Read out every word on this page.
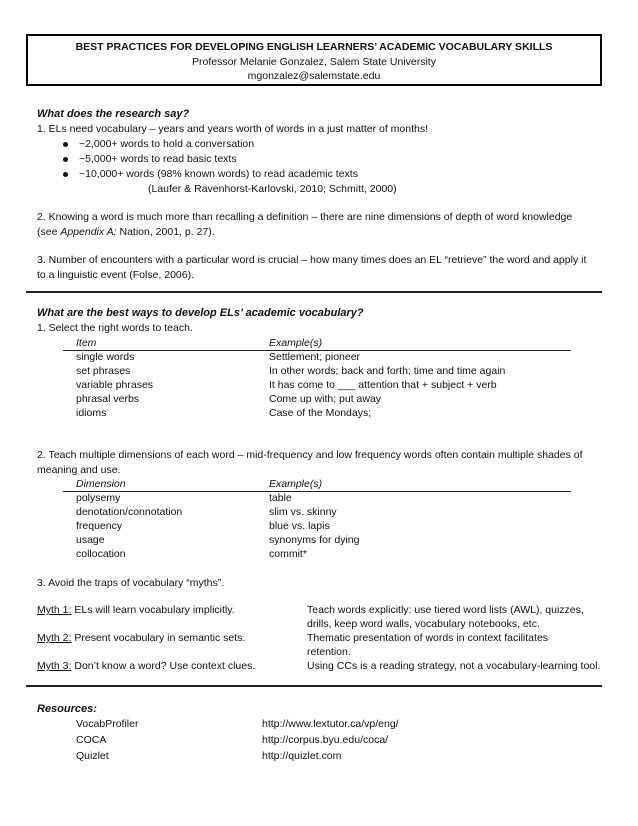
BEST PRACTICES FOR DEVELOPING ENGLISH LEARNERS’ ACADEMIC VOCABULARY SKILLS
Professor Melanie Gonzalez, Salem State University
mgonzalez@salemstate.edu
What does the research say?
1. ELs need vocabulary – years and years worth of words in a just matter of months!
~2,000+ words to hold a conversation
~5,000+ words to read basic texts
~10,000+ words (98% known words) to read academic texts
(Laufer & Ravenhorst-Karlovski, 2010; Schmitt, 2000)
2. Knowing a word is much more than recalling a definition – there are nine dimensions of depth of word knowledge
(see Appendix A: Nation, 2001, p. 27).
3. Number of encounters with a particular word is crucial – how many times does an EL “retrieve” the word and apply it
to a linguistic event (Folse, 2006).
What are the best ways to develop ELs’ academic vocabulary?
1. Select the right words to teach.
Item	Example(s)
single words	Settlement; pioneer
set phrases	In other words; back and forth; time and time again
variable phrases	It has come to ___ attention that + subject + verb
phrasal verbs	Come up with; put away
idioms	Case of the Mondays;
2. Teach multiple dimensions of each word – mid-frequency and low frequency words often contain multiple shades of
meaning and use.
Dimension	Example(s)
polysemy	table
denotation/connotation	slim vs. skinny
frequency	blue vs. lapis
usage	synonyms for dying
collocation	commit*
3. Avoid the traps of vocabulary “myths”.
Myth 1: ELs will learn vocabulary implicitly.	Teach words explicitly: use tiered word lists (AWL), quizzes,
drills, keep word walls, vocabulary notebooks, etc.
Myth 2: Present vocabulary in semantic sets.	Thematic presentation of words in context facilitates
retention.
Myth 3: Don’t know a word? Use context clues.	Using CCs is a reading strategy, not a vocabulary-learning tool.
Resources:
VocabProfiler	http://www.lextutor.ca/vp/eng/
COCA	http://corpus.byu.edu/coca/
Quizlet	http://quizlet.com
